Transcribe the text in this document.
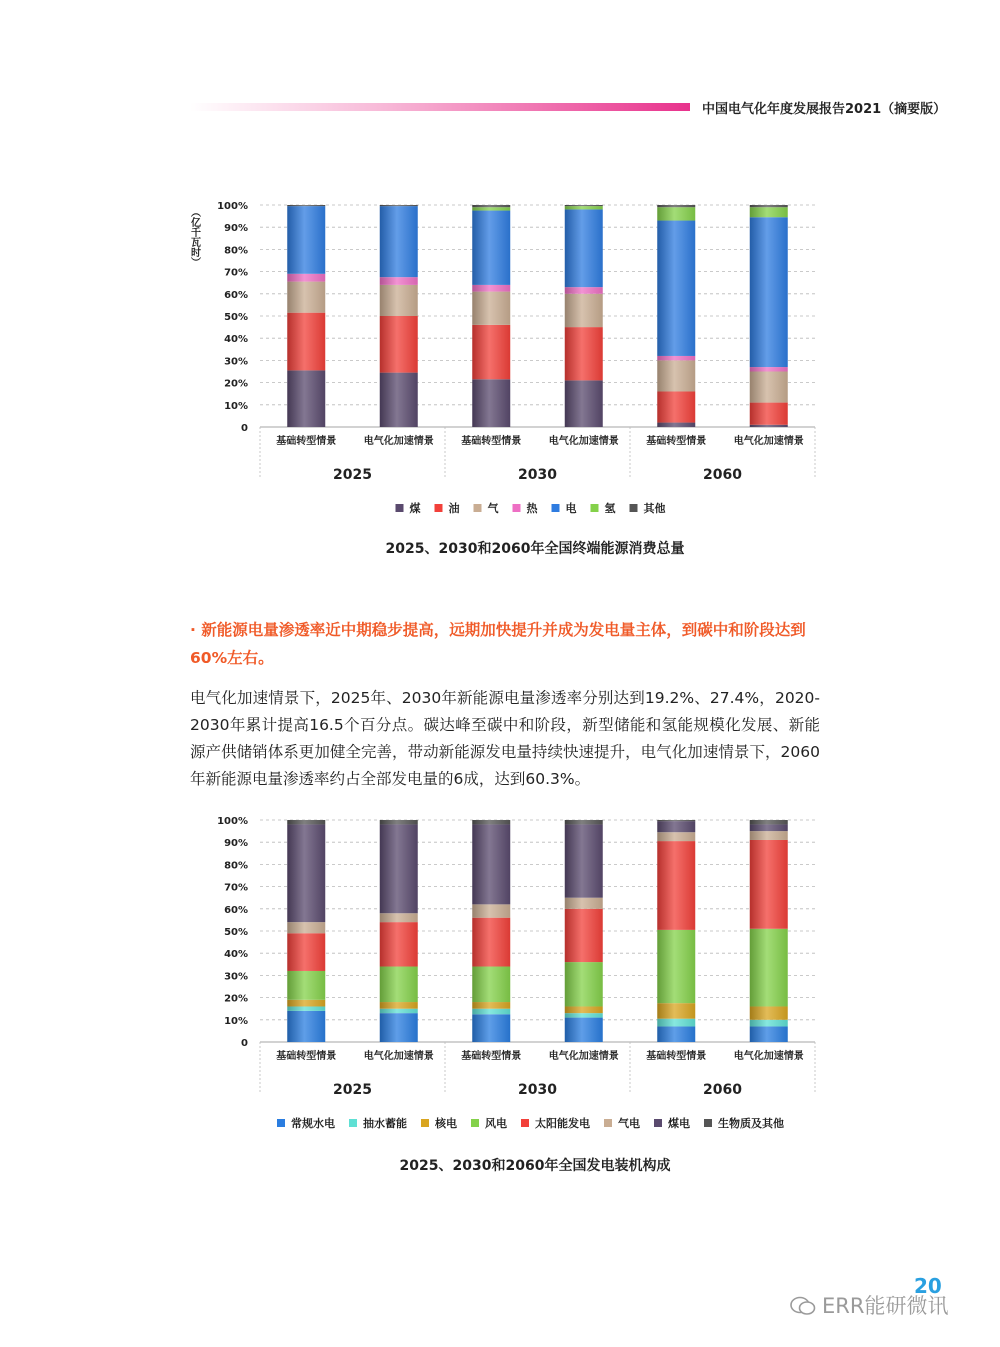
中国电气化年度发展报告2021（摘要版）
0
10%
20%
30%
40%
50%
60%
70%
80%
90%
100%
基础转型情景	电气化加速情景	基础转型情景	电气化加速情景	基础转型情景	电气化加速情景
2025	2030	2060
（亿千瓦时）
煤	油	气	热	电	氢	其他
2025、2030和2060年全国终端能源消费总量
· 新能源电量渗透率近中期稳步提高，远期加快提升并成为发电量主体，到碳中和阶段达到60%左右。
电气化加速情景下，2025年、2030年新能源电量渗透率分别达到19.2%、27.4%，2020-2030年累计提高16.5个百分点。碳达峰至碳中和阶段，新型储能和氢能规模化发展、新能源产供储销体系更加健全完善，带动新能源发电量持续快速提升，电气化加速情景下，2060年新能源电量渗透率约占全部发电量的6成，达到60.3%。
0
10%
20%
30%
40%
50%
60%
70%
80%
90%
100%
基础转型情景	电气化加速情景	基础转型情景	电气化加速情景	基础转型情景	电气化加速情景
2025	2030	2060
常规水电	抽水蓄能	核电	风电	太阳能发电	气电	煤电	生物质及其他
2025、2030和2060年全国发电装机构成
20
ERR能研微讯
